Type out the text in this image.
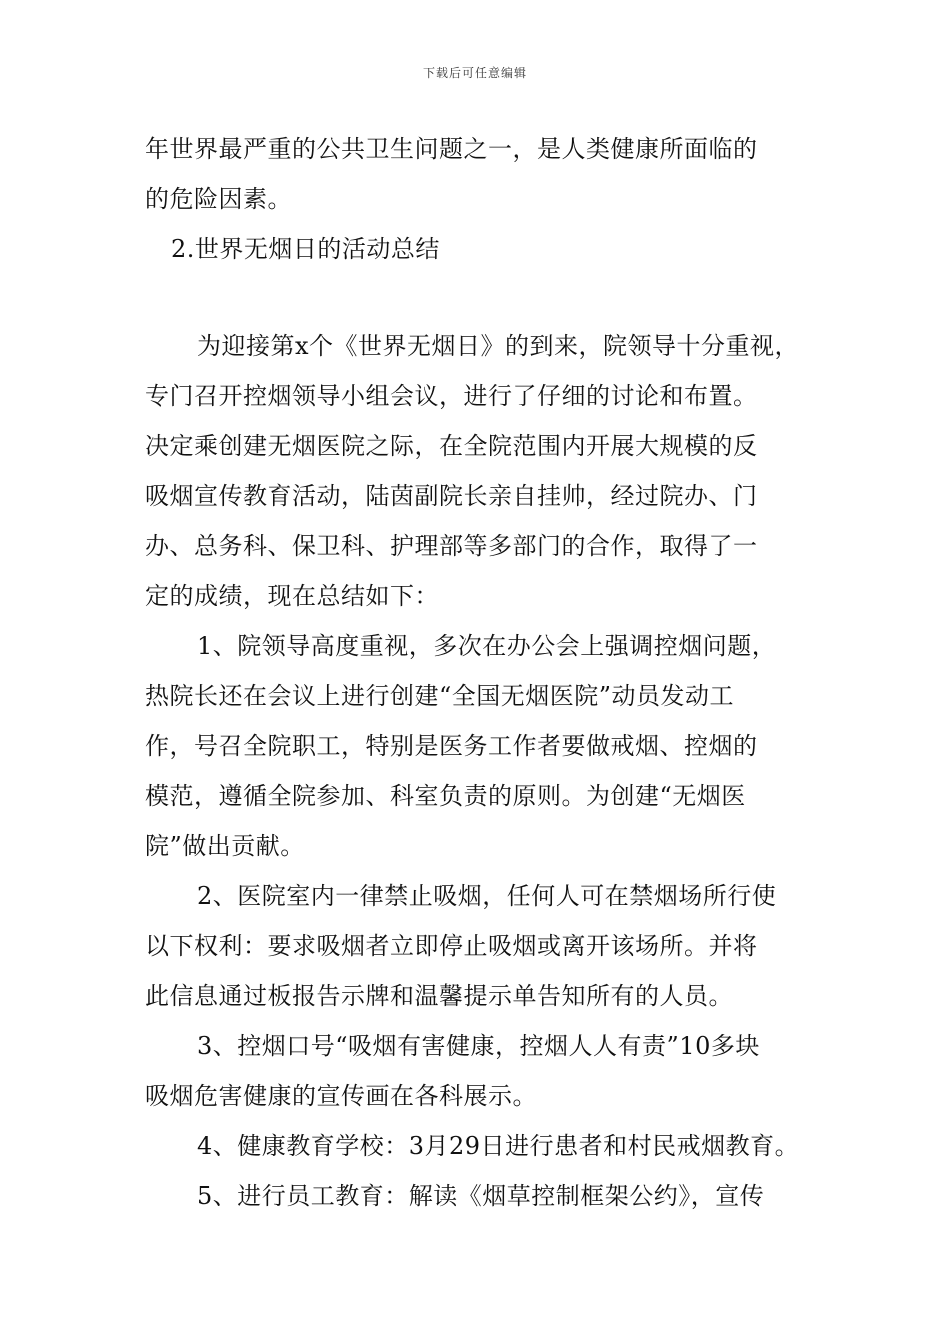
下载后可任意编辑
年世界最严重的公共卫生问题之一，是人类健康所面临的
的危险因素。
2.世界无烟日的活动总结
为迎接第x个《世界无烟日》的到来，院领导十分重视，
专门召开控烟领导小组会议，进行了仔细的讨论和布置。
决定乘创建无烟医院之际，在全院范围内开展大规模的反
吸烟宣传教育活动，陆茵副院长亲自挂帅，经过院办、门
办、总务科、保卫科、护理部等多部门的合作，取得了一
定的成绩，现在总结如下：
1、院领导高度重视，多次在办公会上强调控烟问题，
热院长还在会议上进行创建“全国无烟医院”动员发动工
作，号召全院职工，特别是医务工作者要做戒烟、控烟的
模范，遵循全院参加、科室负责的原则。为创建“无烟医
院”做出贡献。
2、医院室内一律禁止吸烟，任何人可在禁烟场所行使
以下权利：要求吸烟者立即停止吸烟或离开该场所。并将
此信息通过板报告示牌和温馨提示单告知所有的人员。
3、控烟口号“吸烟有害健康，控烟人人有责”10多块
吸烟危害健康的宣传画在各科展示。
4、健康教育学校：3月29日进行患者和村民戒烟教育。
5、进行员工教育：解读《烟草控制框架公约》，宣传
